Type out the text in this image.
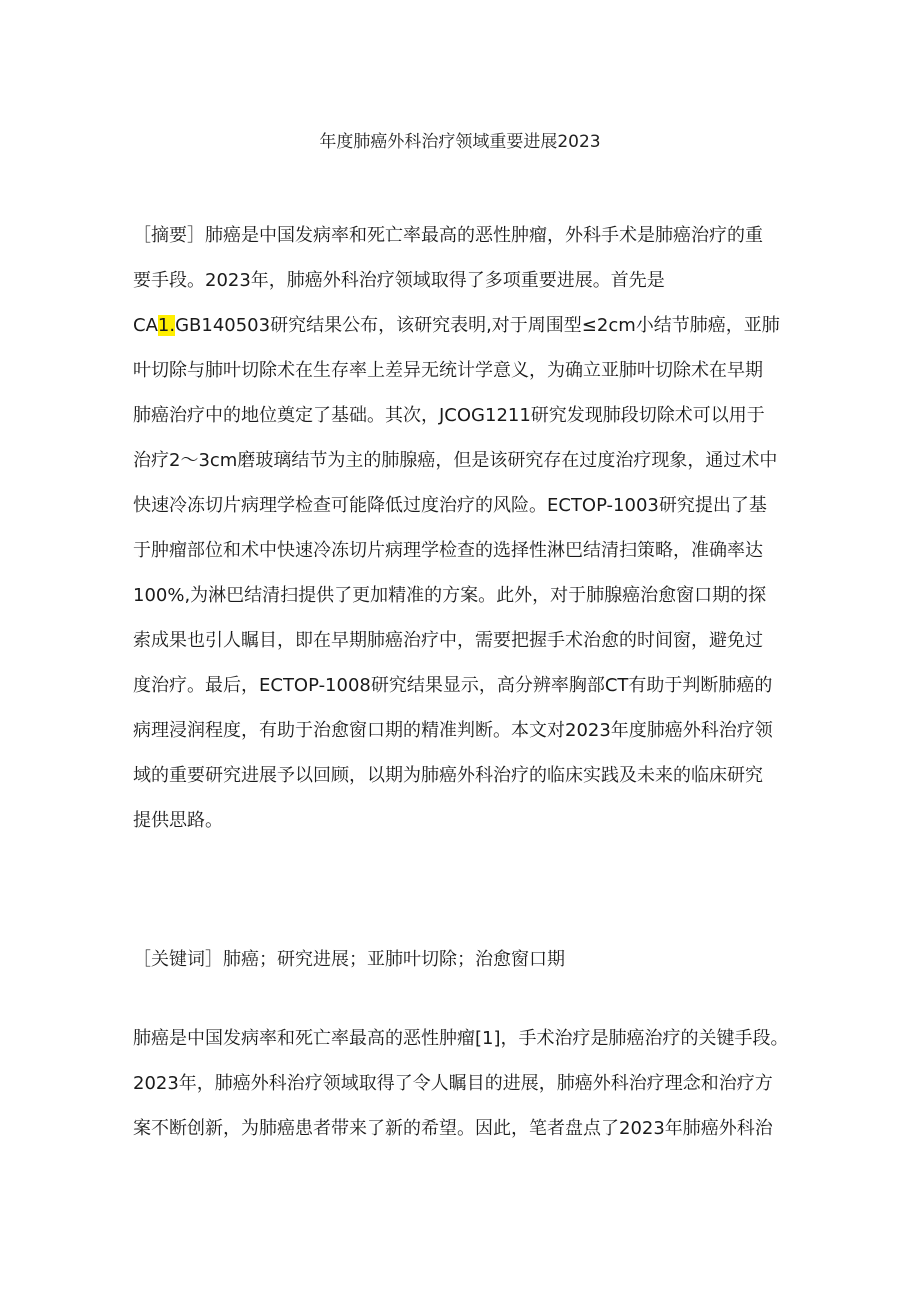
年度肺癌外科治疗领域重要进展2023
［摘要］肺癌是中国发病率和死亡率最高的恶性肿瘤，外科手术是肺癌治疗的重
要手段。2023年，肺癌外科治疗领域取得了多项重要进展。首先是
CA1.GB140503研究结果公布，该研究表明,对于周围型≤2cm小结节肺癌，亚肺
叶切除与肺叶切除术在生存率上差异无统计学意义，为确立亚肺叶切除术在早期
肺癌治疗中的地位奠定了基础。其次，JCOG1211研究发现肺段切除术可以用于
治疗2～3cm磨玻璃结节为主的肺腺癌，但是该研究存在过度治疗现象，通过术中
快速冷冻切片病理学检查可能降低过度治疗的风险。ECTOP-1003研究提出了基
于肿瘤部位和术中快速冷冻切片病理学检查的选择性淋巴结清扫策略，准确率达
100%,为淋巴结清扫提供了更加精准的方案。此外，对于肺腺癌治愈窗口期的探
索成果也引人瞩目，即在早期肺癌治疗中，需要把握手术治愈的时间窗，避免过
度治疗。最后，ECTOP-1008研究结果显示，高分辨率胸部CT有助于判断肺癌的
病理浸润程度，有助于治愈窗口期的精准判断。本文对2023年度肺癌外科治疗领
域的重要研究进展予以回顾，以期为肺癌外科治疗的临床实践及未来的临床研究
提供思路。
［关键词］肺癌；研究进展；亚肺叶切除；治愈窗口期
肺癌是中国发病率和死亡率最高的恶性肿瘤[1]，手术治疗是肺癌治疗的关键手段。
2023年，肺癌外科治疗领域取得了令人瞩目的进展，肺癌外科治疗理念和治疗方
案不断创新，为肺癌患者带来了新的希望。因此，笔者盘点了2023年肺癌外科治
